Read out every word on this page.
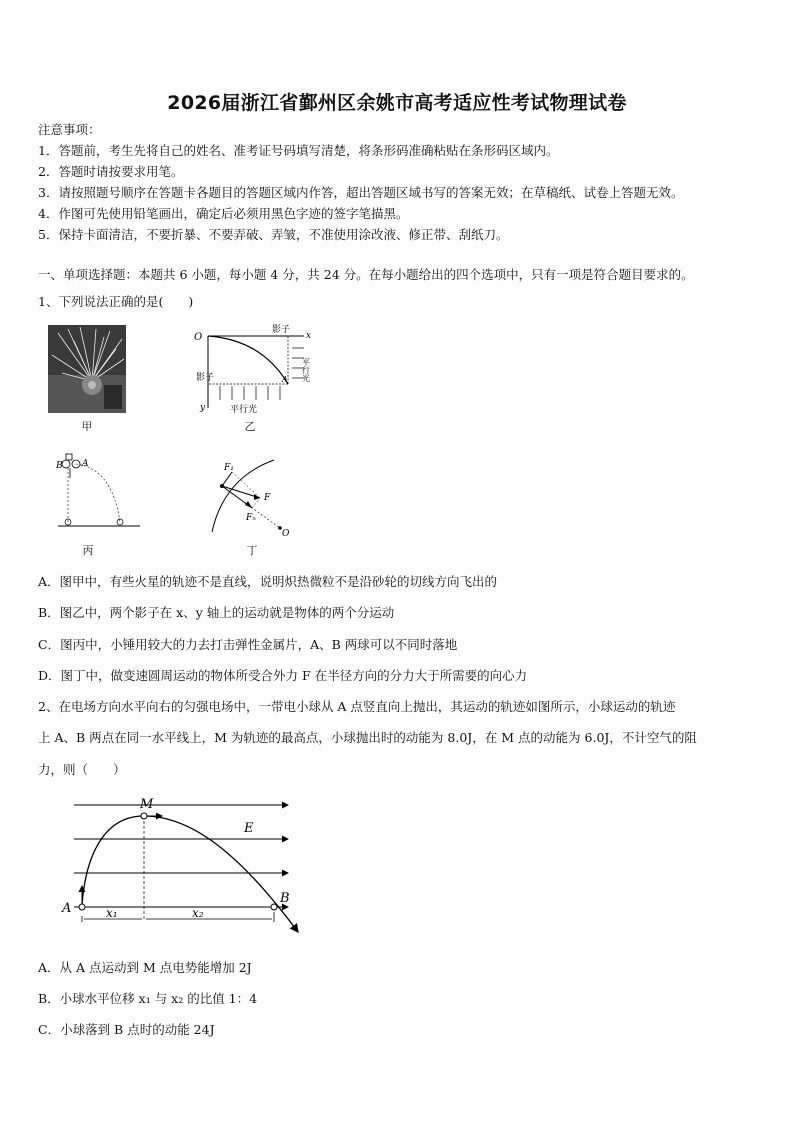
2026届浙江省鄞州区余姚市高考适应性考试物理试卷
注意事项：
1．答题前，考生先将自己的姓名、准考证号码填写清楚，将条形码准确粘贴在条形码区域内。
2．答题时请按要求用笔。
3．请按照题号顺序在答题卡各题目的答题区域内作答，超出答题区域书写的答案无效；在草稿纸、试卷上答题无效。
4．作图可先使用铅笔画出，确定后必须用黑色字迹的签字笔描黑。
5．保持卡面清洁，不要折暴、不要弄破、弄皱，不准使用涂改液、修正带、刮纸刀。
一、单项选择题：本题共 6 小题，每小题 4 分，共 24 分。在每小题给出的四个选项中，只有一项是符合题目要求的。
1、下列说法正确的是(　　)
甲
O
影子
x
影子
y	平行光
平行光
A
乙
B A
丙
F₁
F
Fₙ
O
丁
A．图甲中，有些火星的轨迹不是直线，说明炽热微粒不是沿砂轮的切线方向飞出的
B．图乙中，两个影子在 x、y 轴上的运动就是物体的两个分运动
C．图丙中，小锤用较大的力去打击弹性金属片，A、B 两球可以不同时落地
D．图丁中，做变速圆周运动的物体所受合外力 F 在半径方向的分力大于所需要的向心力
2、在电场方向水平向右的匀强电场中，一带电小球从 A 点竖直向上抛出，其运动的轨迹如图所示，小球运动的轨迹
上 A、B 两点在同一水平线上，M 为轨迹的最高点，小球抛出时的动能为 8.0J，在 M 点的动能为 6.0J，不计空气的阻
力，则（　　）
M
E
A
B
x₁	x₂
A．从 A 点运动到 M 点电势能增加 2J
B．小球水平位移 x₁ 与 x₂ 的比值 1：4
C．小球落到 B 点时的动能 24J
